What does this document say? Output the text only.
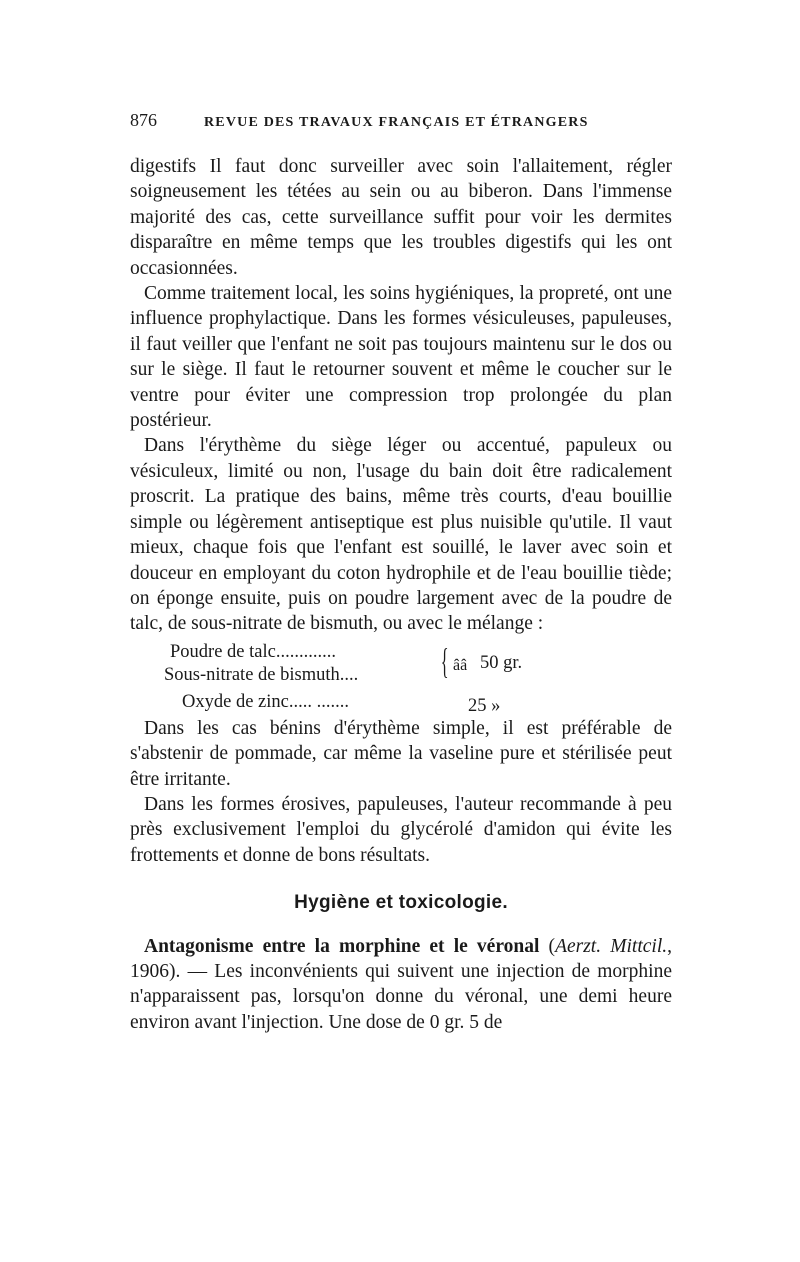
876	REVUE DES TRAVAUX FRANÇAIS ET ÉTRANGERS

digestifs Il faut donc surveiller avec soin l'allaitement, régler soigneusement les tétées au sein ou au biberon. Dans l'immense majorité des cas, cette surveillance suffit pour voir les dermites disparaître en même temps que les troubles digestifs qui les ont occasionnées.

Comme traitement local, les soins hygiéniques, la propreté, ont une influence prophylactique. Dans les formes vésiculeuses, papuleuses, il faut veiller que l'enfant ne soit pas toujours maintenu sur le dos ou sur le siège. Il faut le retourner souvent et même le coucher sur le ventre pour éviter une compression trop prolongée du plan postérieur.

Dans l'érythème du siège léger ou accentué, papuleux ou vésiculeux, limité ou non, l'usage du bain doit être radicalement proscrit. La pratique des bains, même très courts, d'eau bouillie simple ou légèrement antiseptique est plus nuisible qu'utile. Il vaut mieux, chaque fois que l'enfant est souillé, le laver avec soin et douceur en employant du coton hydrophile et de l'eau bouillie tiède; on éponge ensuite, puis on poudre largement avec de la poudre de talc, de sous-nitrate de bismuth, ou avec le mélange :

Poudre de talc.............
Sous-nitrate de bismuth....
Oxyde de zinc..... .......
{ ââ 50 gr.
25 »

Dans les cas bénins d'érythème simple, il est préférable de s'abstenir de pommade, car même la vaseline pure et stérilisée peut être irritante.

Dans les formes érosives, papuleuses, l'auteur recommande à peu près exclusivement l'emploi du glycérolé d'amidon qui évite les frottements et donne de bons résultats.

Hygiène et toxicologie.

Antagonisme entre la morphine et le véronal (Aerzt. Mittcil., 1906). — Les inconvénients qui suivent une injection de morphine n'apparaissent pas, lorsqu'on donne du véronal, une demi heure environ avant l'injection. Une dose de 0 gr. 5 de
